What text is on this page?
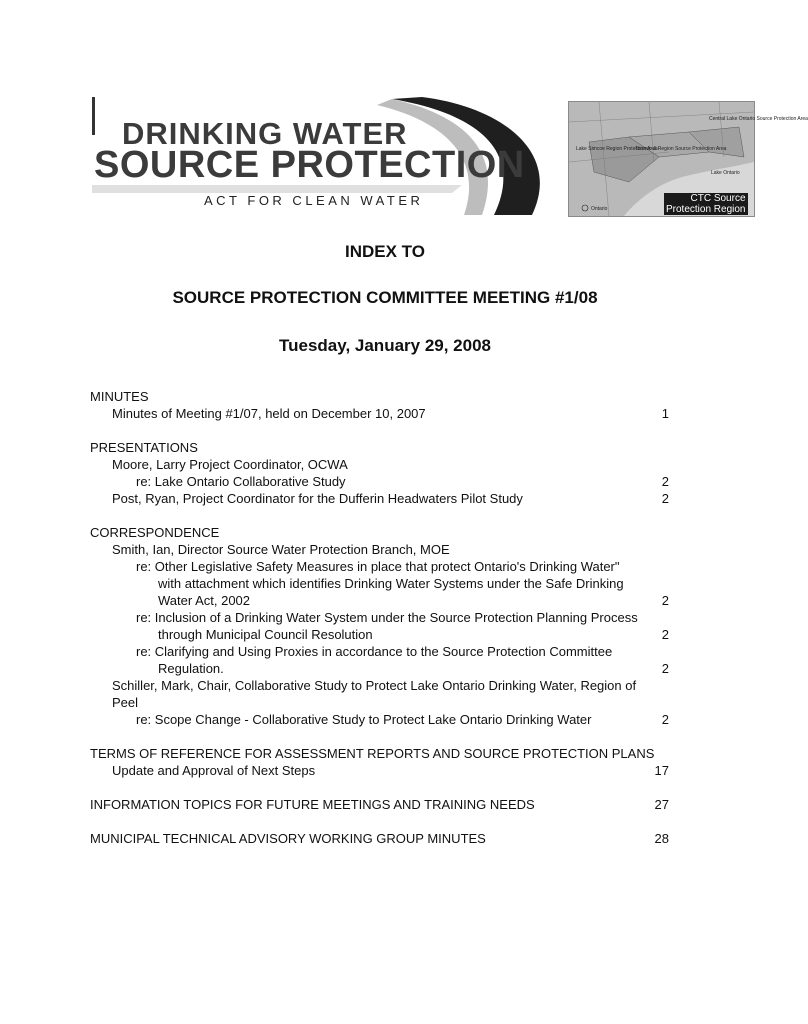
DRINKING WATER
SOURCE PROTECTION
ACT FOR CLEAN WATER
Lake Simcoe Region Protection Area
Toronto & Region Source Protection Area
Central Lake Ontario Source Protection Area
Lake Ontario
Ontario
CTC Source
Protection Region
INDEX TO
SOURCE PROTECTION COMMITTEE MEETING #1/08
Tuesday, January 29, 2008
MINUTES
Minutes of Meeting #1/07, held on December 10, 2007	1
PRESENTATIONS
Moore, Larry Project Coordinator, OCWA
re: Lake Ontario Collaborative Study	2
Post, Ryan, Project Coordinator for the Dufferin Headwaters Pilot Study	2
CORRESPONDENCE
Smith, Ian, Director Source Water Protection Branch, MOE
re: Other Legislative Safety Measures in place that protect Ontario's Drinking Water"
with attachment which identifies Drinking Water Systems under the Safe Drinking
Water Act, 2002	2
re: Inclusion of a Drinking Water System under the Source Protection Planning Process
through Municipal Council Resolution	2
re: Clarifying and Using Proxies in accordance to the Source Protection Committee
Regulation.	2
Schiller, Mark, Chair, Collaborative Study to Protect Lake Ontario Drinking Water, Region of
Peel
re: Scope Change - Collaborative Study to Protect Lake Ontario Drinking Water	2
TERMS OF REFERENCE FOR ASSESSMENT REPORTS AND SOURCE PROTECTION PLANS
Update and Approval of Next Steps	17
INFORMATION TOPICS FOR FUTURE MEETINGS AND TRAINING NEEDS	27
MUNICIPAL TECHNICAL ADVISORY WORKING GROUP MINUTES	28
